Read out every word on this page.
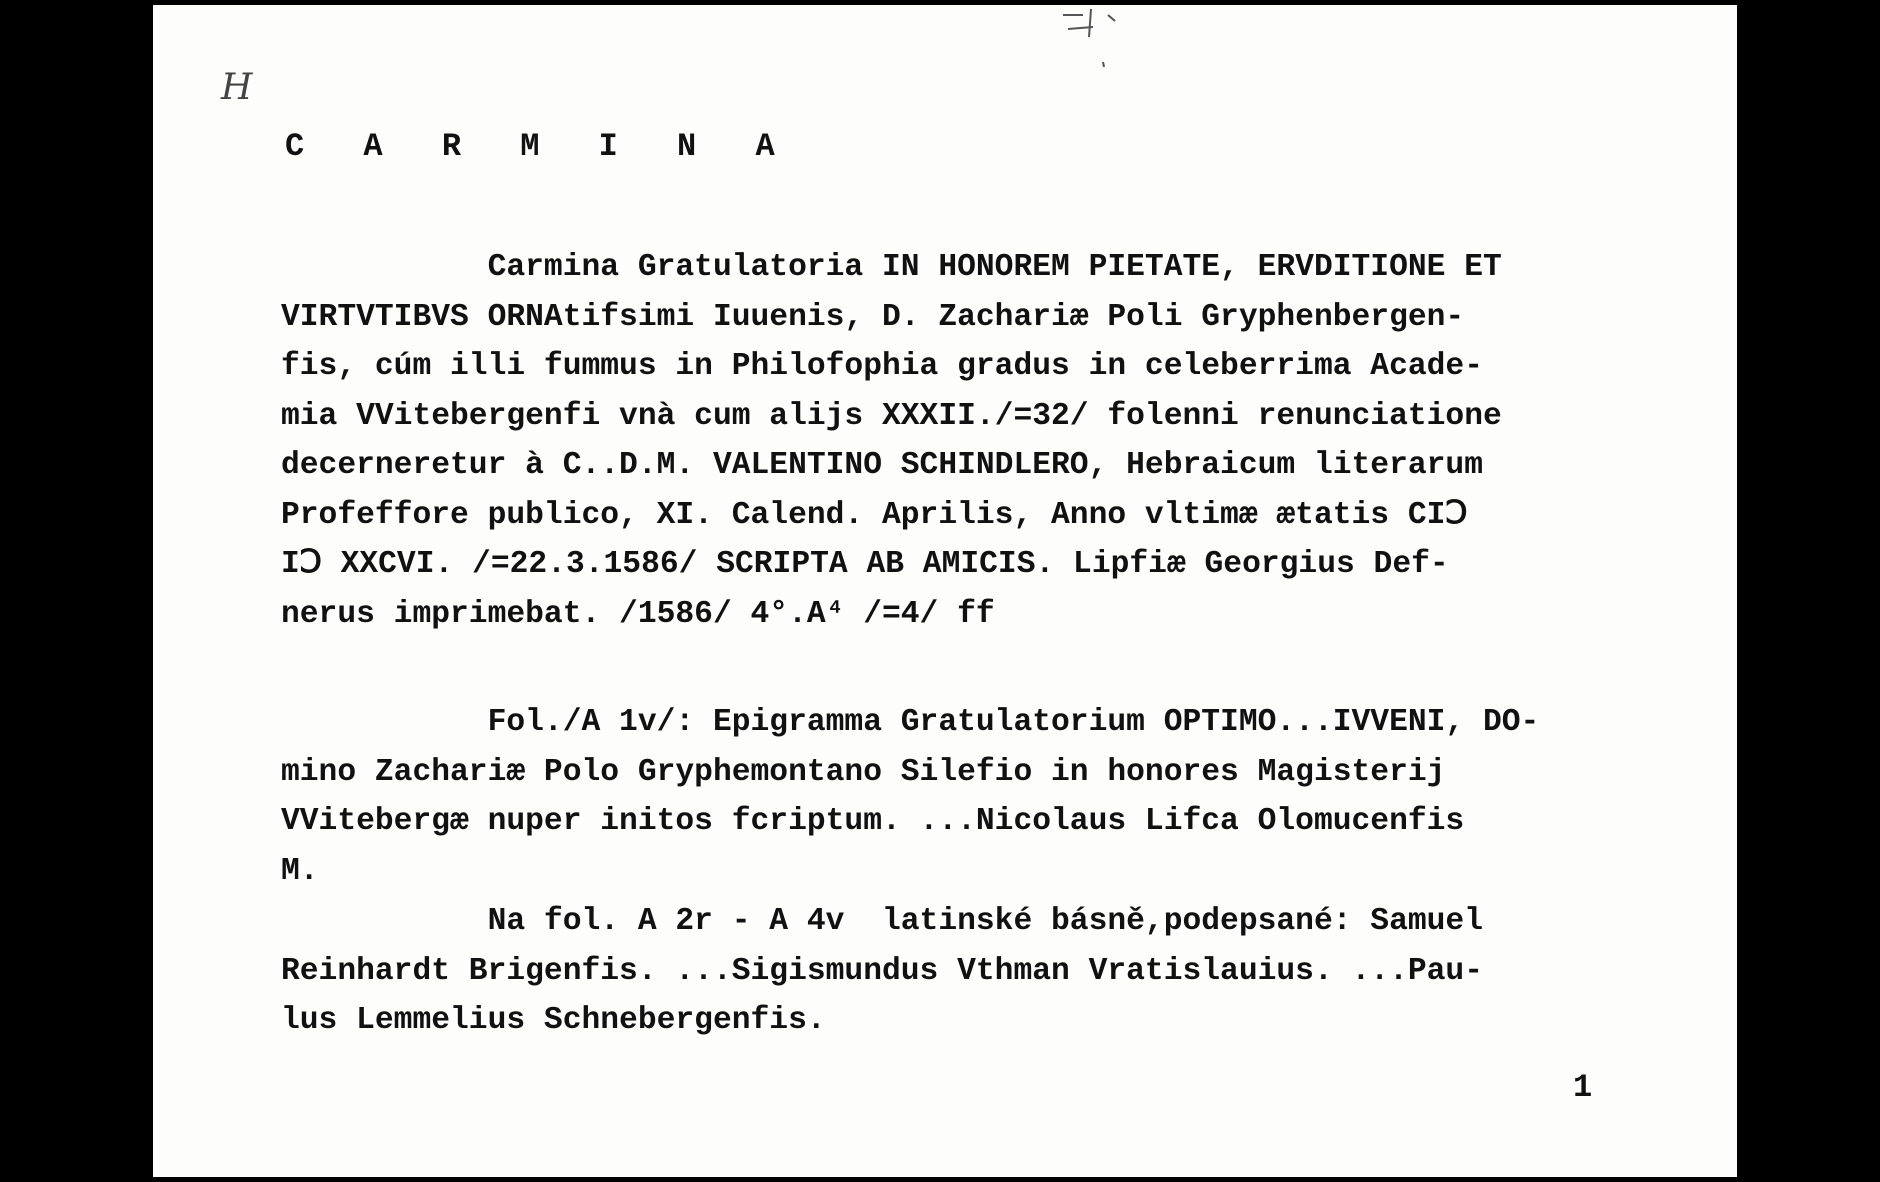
H
C A R M I N A
Carmina Gratulatoria IN HONOREM PIETATE, ERVDITIONE ET
VIRTVTIBVS ORNAtifsimi Iuuenis, D. Zachariæ Poli Gryphenbergen-
fis, cúm illi fummus in Philofophia gradus in celeberrima Acade-
mia VVitebergenfi vnà cum alijs XXXII./=32/ folenni renunciatione
decerneretur à C..D.M. VALENTINO SCHINDLERO, Hebraicum literarum
Profeffore publico, XI. Calend. Aprilis, Anno vltimæ ætatis CIↃ
IↃ XXCVI. /=22.3.1586/ SCRIPTA AB AMICIS. Lipfiæ Georgius Def-
nerus imprimebat. /1586/ 4°.A⁴ /=4/ ff
Fol./A 1v/: Epigramma Gratulatorium OPTIMO...IVVENI, DO-
mino Zachariæ Polo Gryphemontano Silefio in honores Magisterij
VVitebergæ nuper initos fcriptum. ...Nicolaus Lifca Olomucenfis
M.
Na fol. A 2r - A 4v  latinské básně,podepsané: Samuel
Reinhardt Brigenfis. ...Sigismundus Vthman Vratislauius. ...Pau-
lus Lemmelius Schnebergenfis.
1
